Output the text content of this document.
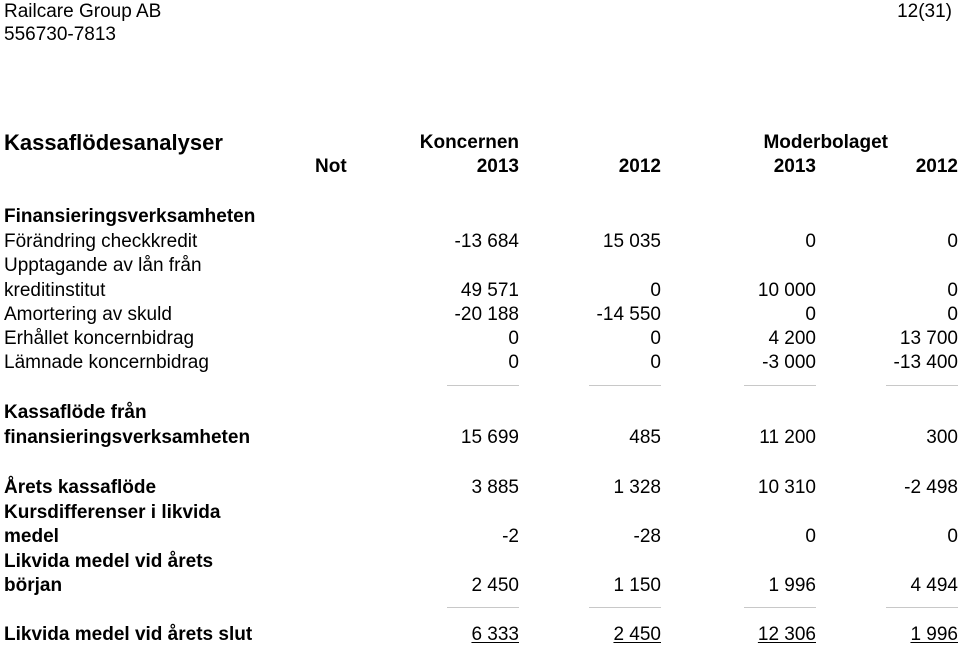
Railcare Group AB
556730-7813
12(31)
Kassaflödesanalyser	Koncernen	Moderbolaget
Not	2013	2012	2013	2012
Finansieringsverksamheten
Förändring checkkredit	-13 684	15 035	0	0
Upptagande av lån från
kreditinstitut	49 571	0	10 000	0
Amortering av skuld	-20 188	-14 550	0	0
Erhållet koncernbidrag	0	0	4 200	13 700
Lämnade koncernbidrag	0	0	-3 000	-13 400
Kassaflöde från
finansieringsverksamheten	15 699	485	11 200	300
Årets kassaflöde	3 885	1 328	10 310	-2 498
Kursdifferenser i likvida
medel	-2	-28	0	0
Likvida medel vid årets
början	2 450	1 150	1 996	4 494
Likvida medel vid årets slut	6 333	2 450	12 306	1 996
